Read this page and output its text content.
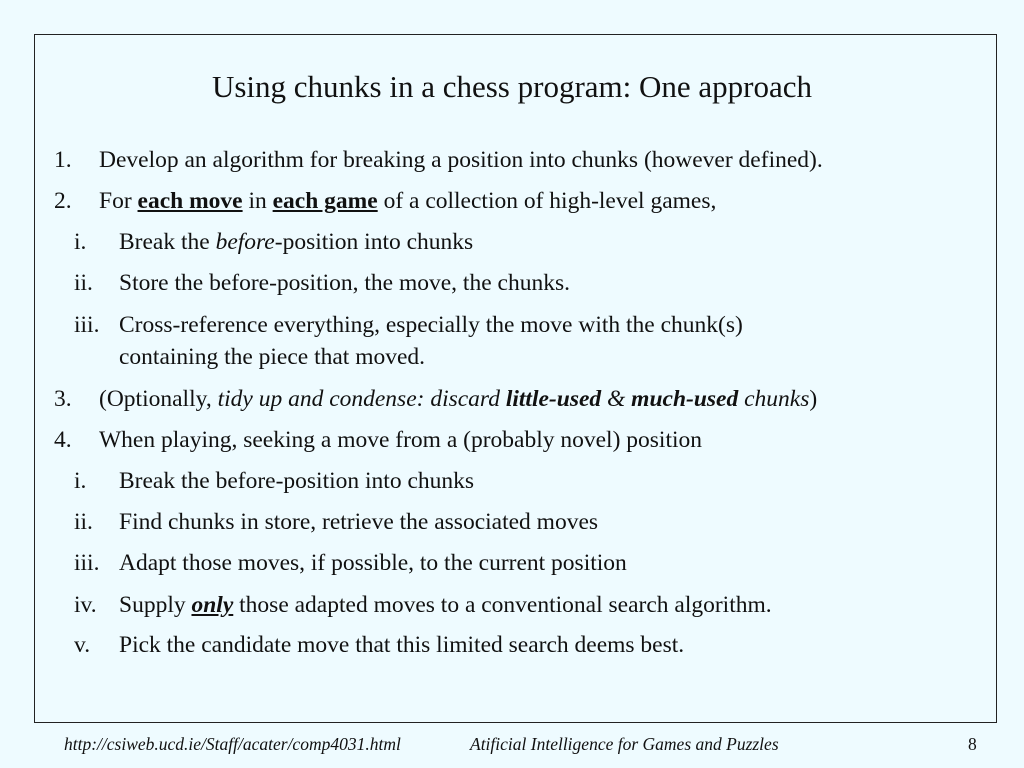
Using chunks in a chess program: One approach
1. Develop an algorithm for breaking a position into chunks (however defined).
2. For each move in each game of a collection of high-level games,
i. Break the before-position into chunks
ii. Store the before-position, the move, the chunks.
iii. Cross-reference everything, especially the move with the chunk(s)
containing the piece that moved.
3. (Optionally, tidy up and condense: discard little-used & much-used chunks)
4. When playing, seeking a move from a (probably novel) position
i. Break the before-position into chunks
ii. Find chunks in store, retrieve the associated moves
iii. Adapt those moves, if possible, to the current position
iv. Supply only those adapted moves to a conventional search algorithm.
v. Pick the candidate move that this limited search deems best.
http://csiweb.ucd.ie/Staff/acater/comp4031.html	Atificial Intelligence for Games and Puzzles	8
